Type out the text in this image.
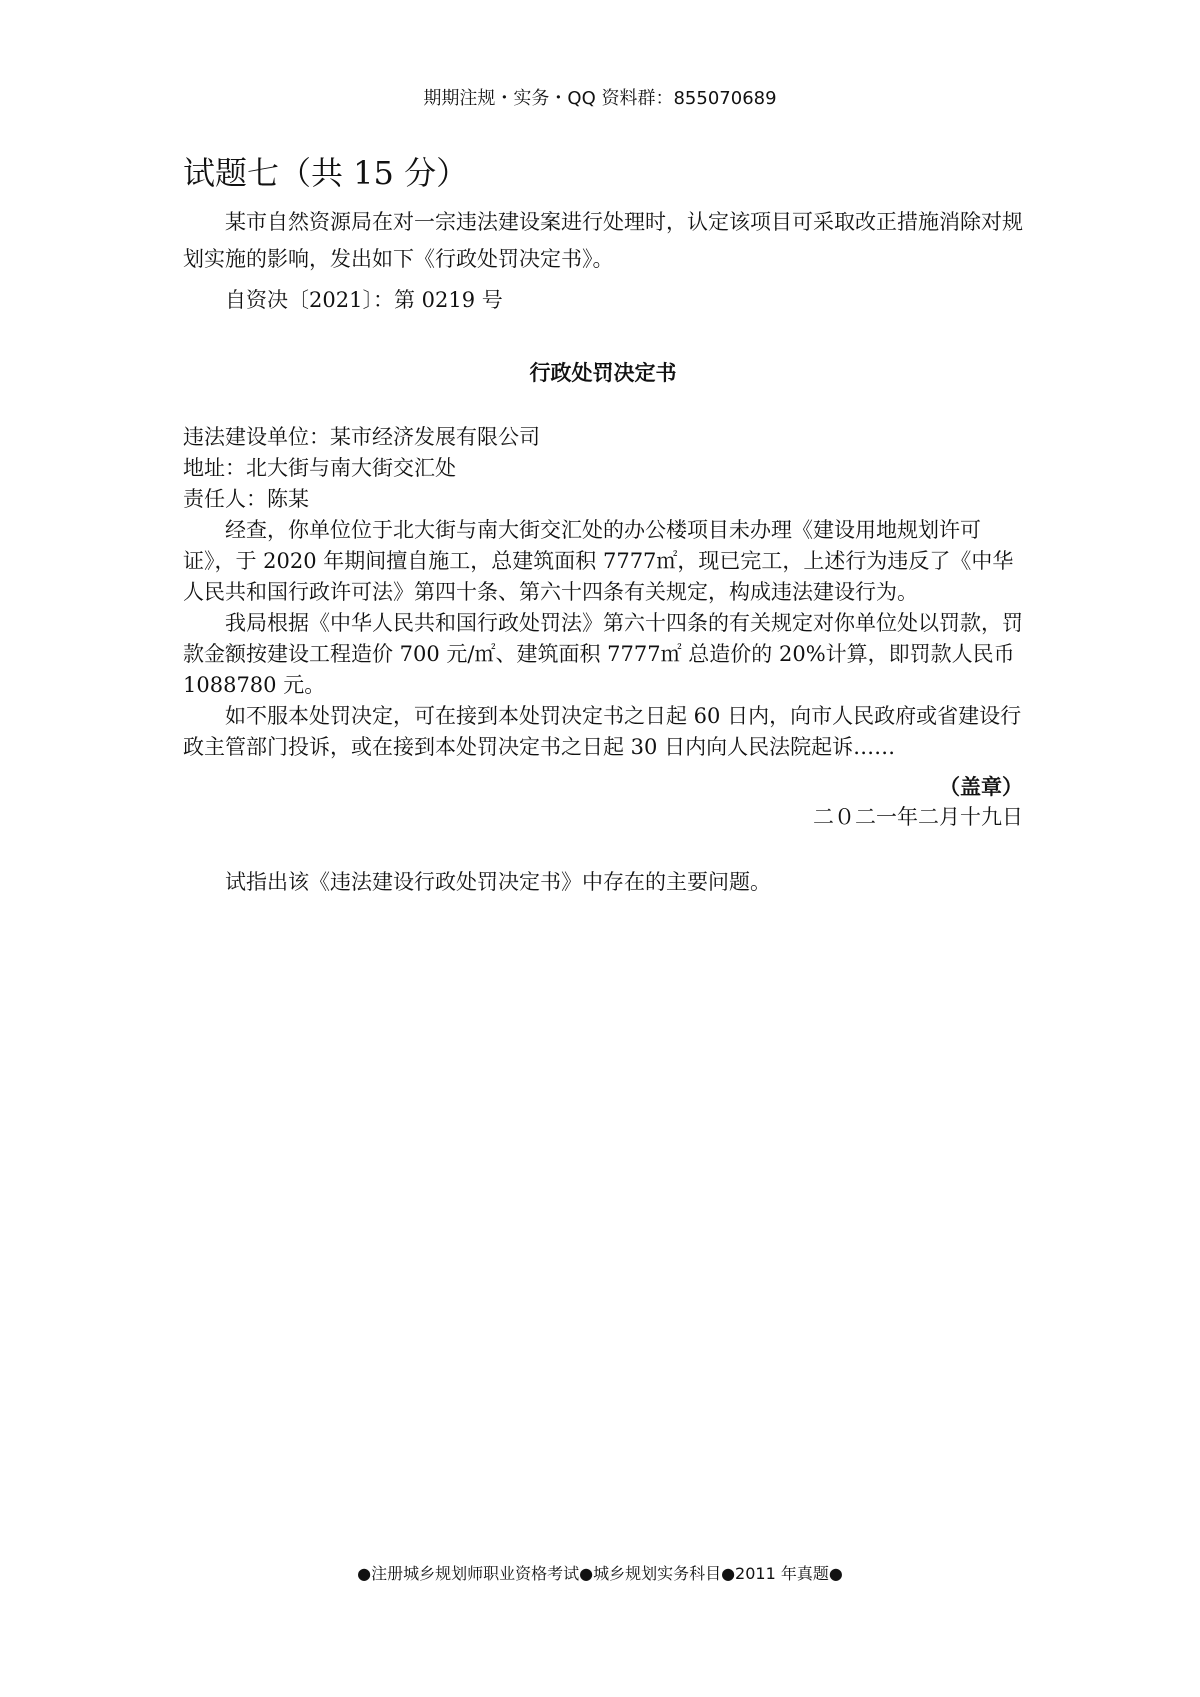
期期注规・实务・QQ 资料群：855070689
试题七（共 15 分）

某市自然资源局在对一宗违法建设案进行处理时，认定该项目可采取改正措施消除对规划实施的影响，发出如下《行政处罚决定书》。

自资决〔2021〕：第 0219 号

行政处罚决定书

违法建设单位：某市经济发展有限公司

地址：北大街与南大街交汇处

责任人：陈某

经查，你单位位于北大街与南大街交汇处的办公楼项目未办理《建设用地规划许可证》，于 2020 年期间擅自施工，总建筑面积 7777㎡，现已完工，上述行为违反了《中华人民共和国行政许可法》第四十条、第六十四条有关规定，构成违法建设行为。

我局根据《中华人民共和国行政处罚法》第六十四条的有关规定对你单位处以罚款，罚款金额按建设工程造价 700 元/㎡、建筑面积 7777㎡ 总造价的 20%计算，即罚款人民币 1088780 元。

如不服本处罚决定，可在接到本处罚决定书之日起 60 日内，向市人民政府或省建设行政主管部门投诉，或在接到本处罚决定书之日起 30 日内向人民法院起诉……

（盖章）

二０二一年二月十九日

试指出该《违法建设行政处罚决定书》中存在的主要问题。

●注册城乡规划师职业资格考试●城乡规划实务科目●2011 年真题●
